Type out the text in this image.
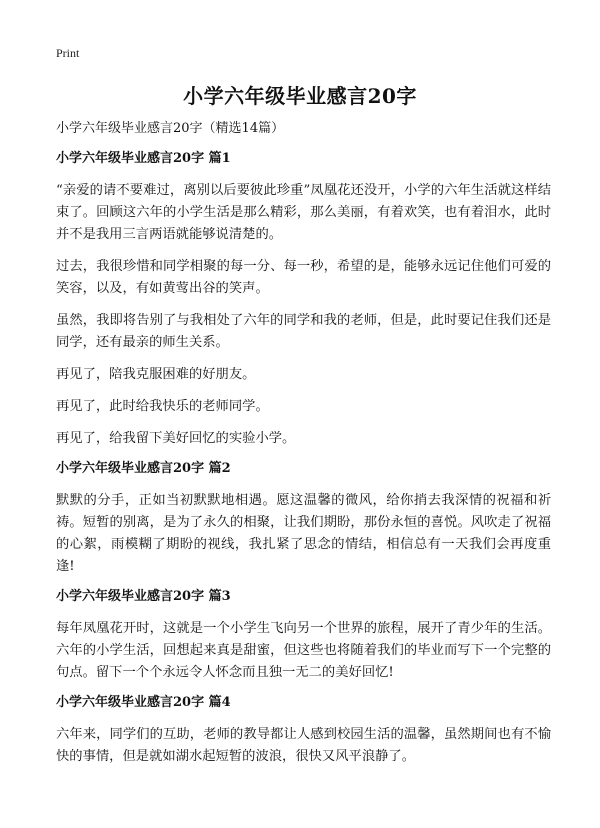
Print
小学六年级毕业感言20字
小学六年级毕业感言20字（精选14篇）
小学六年级毕业感言20字 篇1

“亲爱的请不要难过，离别以后要彼此珍重”凤凰花还没开，小学的六年生活就这样结束了。回顾这六年的小学生活是那么精彩，那么美丽，有着欢笑，也有着泪水，此时并不是我用三言两语就能够说清楚的。

过去，我很珍惜和同学相聚的每一分、每一秒，希望的是，能够永远记住他们可爱的笑容，以及，有如黄莺出谷的笑声。

虽然，我即将告别了与我相处了六年的同学和我的老师，但是，此时要记住我们还是同学，还有最亲的师生关系。

再见了，陪我克服困难的好朋友。

再见了，此时给我快乐的老师同学。

再见了，给我留下美好回忆的实验小学。

小学六年级毕业感言20字 篇2

默默的分手，正如当初默默地相遇。愿这温馨的微风，给你捎去我深情的祝福和祈祷。短暂的别离，是为了永久的相聚，让我们期盼，那份永恒的喜悦。风吹走了祝福的心絮，雨模糊了期盼的视线，我扎紧了思念的情结，相信总有一天我们会再度重逢!

小学六年级毕业感言20字 篇3

每年凤凰花开时，这就是一个小学生飞向另一个世界的旅程，展开了青少年的生活。六年的小学生活，回想起来真是甜蜜，但这些也将随着我们的毕业而写下一个完整的句点。留下一个个永远令人怀念而且独一无二的美好回忆!

小学六年级毕业感言20字 篇4

六年来，同学们的互助，老师的教导都让人感到校园生活的温馨，虽然期间也有不愉快的事情，但是就如湖水起短暂的波浪，很快又风平浪静了。
